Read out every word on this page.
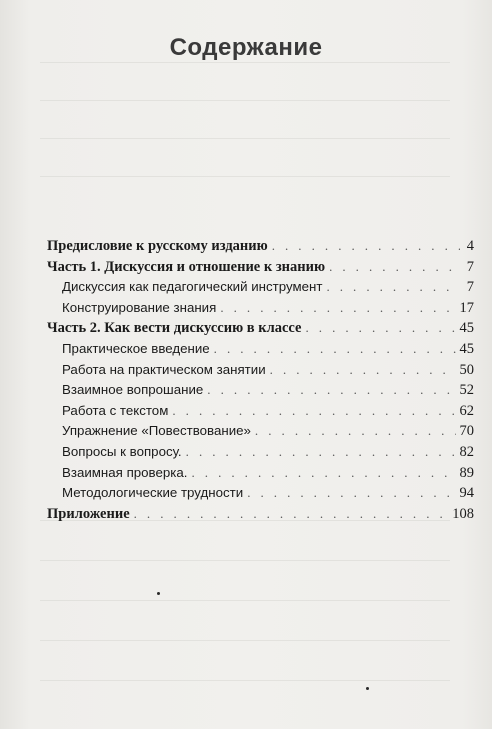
Содержание
Предисловие к русскому изданию . . .	4
Часть 1. Дискуссия и отношение к знанию . . .	7
Дискуссия как педагогический инструмент . . .	7
Конструирование знания . . .	17
Часть 2. Как вести дискуссию в классе . . .	45
Практическое введение . . .	45
Работа на практическом занятии . . .	50
Взаимное вопрошание . . .	52
Работа с текстом . . .	62
Упражнение «Повествование» . . .	70
Вопросы к вопросу. . . .	82
Взаимная проверка. . . .	89
Методологические трудности . . .	94
Приложение . . .	108
